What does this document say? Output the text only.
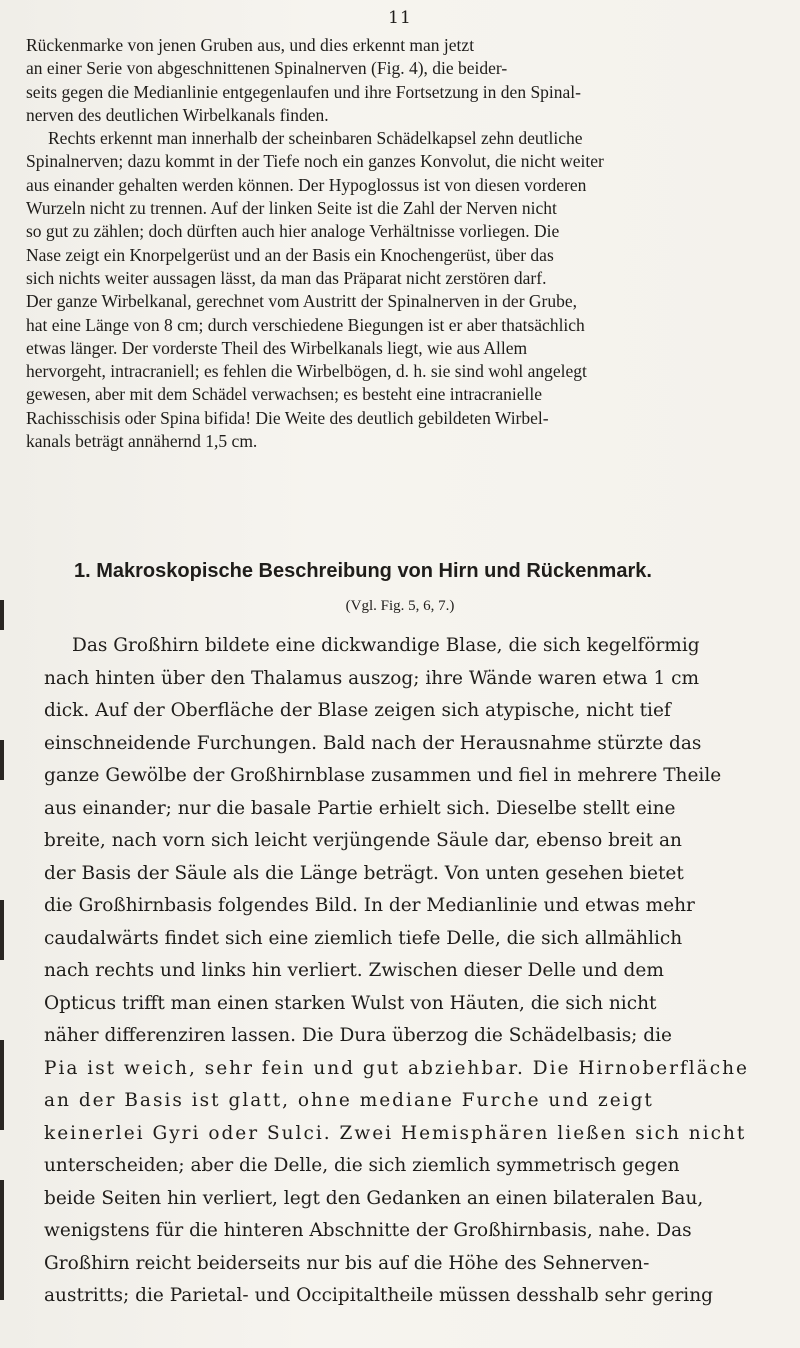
11
Rückenmarke von jenen Gruben aus, und dies erkennt man jetzt
an einer Serie von abgeschnittenen Spinalnerven (Fig. 4), die beider-
seits gegen die Medianlinie entgegenlaufen und ihre Fortsetzung in den Spinal-
nerven des deutlichen Wirbelkanals finden.
Rechts erkennt man innerhalb der scheinbaren Schädelkapsel zehn deutliche
Spinalnerven; dazu kommt in der Tiefe noch ein ganzes Konvolut, die nicht weiter
aus einander gehalten werden können. Der Hypoglossus ist von diesen vorderen
Wurzeln nicht zu trennen. Auf der linken Seite ist die Zahl der Nerven nicht
so gut zu zählen; doch dürften auch hier analoge Verhältnisse vorliegen. Die
Nase zeigt ein Knorpelgerüst und an der Basis ein Knochengerüst, über das
sich nichts weiter aussagen lässt, da man das Präparat nicht zerstören darf.
Der ganze Wirbelkanal, gerechnet vom Austritt der Spinalnerven in der Grube,
hat eine Länge von 8 cm; durch verschiedene Biegungen ist er aber thatsächlich
etwas länger. Der vorderste Theil des Wirbelkanals liegt, wie aus Allem
hervorgeht, intracraniell; es fehlen die Wirbelbögen, d. h. sie sind wohl angelegt
gewesen, aber mit dem Schädel verwachsen; es besteht eine intracranielle
Rachisschisis oder Spina bifida! Die Weite des deutlich gebildeten Wirbel-
kanals beträgt annähernd 1,5 cm.
1. Makroskopische Beschreibung von Hirn und Rückenmark.
(Vgl. Fig. 5, 6, 7.)
Das Großhirn bildete eine dickwandige Blase, die sich kegelförmig
nach hinten über den Thalamus auszog; ihre Wände waren etwa 1 cm
dick. Auf der Oberfläche der Blase zeigen sich atypische, nicht tief
einschneidende Furchungen. Bald nach der Herausnahme stürzte das
ganze Gewölbe der Großhirnblase zusammen und fiel in mehrere Theile
aus einander; nur die basale Partie erhielt sich. Dieselbe stellt eine
breite, nach vorn sich leicht verjüngende Säule dar, ebenso breit an
der Basis der Säule als die Länge beträgt. Von unten gesehen bietet
die Großhirnbasis folgendes Bild. In der Medianlinie und etwas mehr
caudalwärts findet sich eine ziemlich tiefe Delle, die sich allmählich
nach rechts und links hin verliert. Zwischen dieser Delle und dem
Opticus trifft man einen starken Wulst von Häuten, die sich nicht
näher differenziren lassen. Die Dura überzog die Schädelbasis; die
Pia ist weich, sehr fein und gut abziehbar. Die Hirnoberfläche
an der Basis ist glatt, ohne mediane Furche und zeigt
keinerlei Gyri oder Sulci. Zwei Hemisphären ließen sich nicht
unterscheiden; aber die Delle, die sich ziemlich symmetrisch gegen
beide Seiten hin verliert, legt den Gedanken an einen bilateralen Bau,
wenigstens für die hinteren Abschnitte der Großhirnbasis, nahe. Das
Großhirn reicht beiderseits nur bis auf die Höhe des Sehnerven-
austritts; die Parietal- und Occipitaltheile müssen desshalb sehr gering
